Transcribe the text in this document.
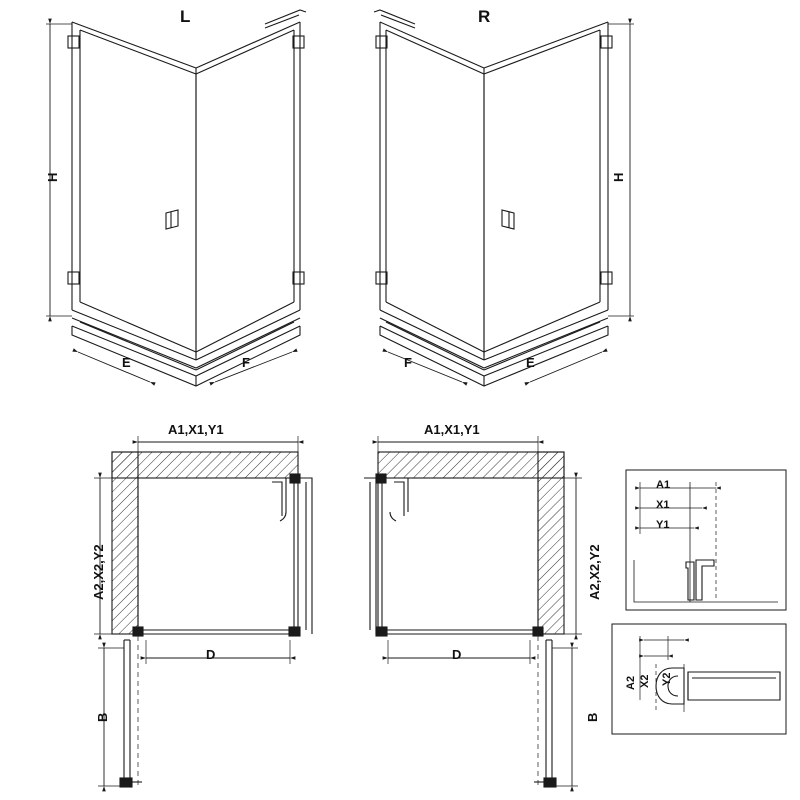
L	R
H	H
E	F	F	E
A1,X1,Y1	A1,X1,Y1
A2,X2,Y2	A2,X2,Y2
D	D
B	B
A1
X1
Y1
A2 X2 Y2
